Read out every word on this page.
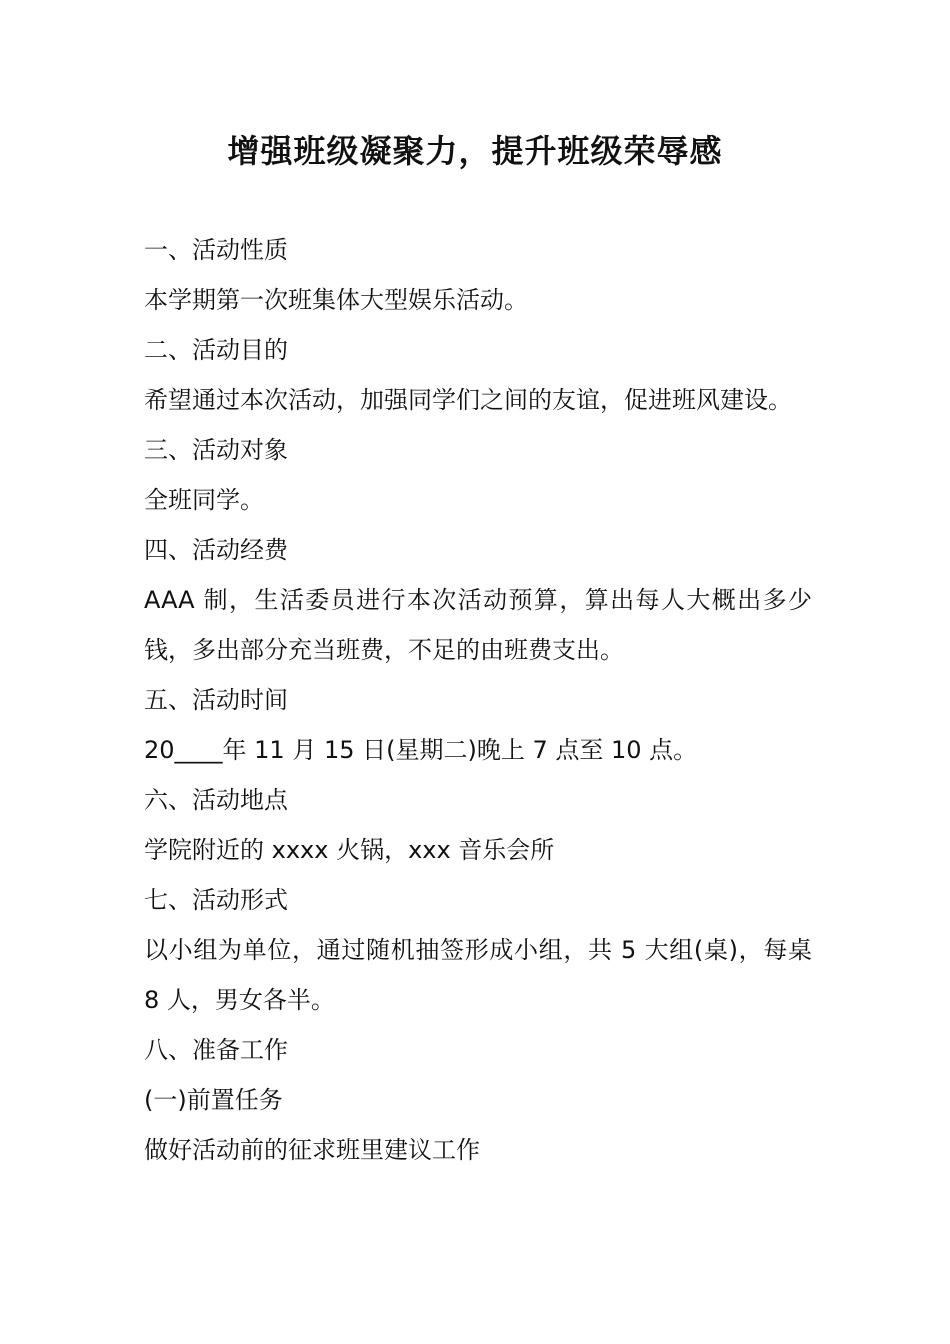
增强班级凝聚力，提升班级荣辱感
一、活动性质
本学期第一次班集体大型娱乐活动。
二、活动目的
希望通过本次活动，加强同学们之间的友谊，促进班风建设。
三、活动对象
全班同学。
四、活动经费
AAA 制，生活委员进行本次活动预算，算出每人大概出多少钱，多出部分充当班费，不足的由班费支出。
五、活动时间
20____年 11 月 15 日(星期二)晚上 7 点至 10 点。
六、活动地点
学院附近的 xxxx 火锅，xxx 音乐会所
七、活动形式
以小组为单位，通过随机抽签形成小组，共 5 大组(桌)，每桌 8 人，男女各半。
八、准备工作
(一)前置任务
做好活动前的征求班里建议工作
